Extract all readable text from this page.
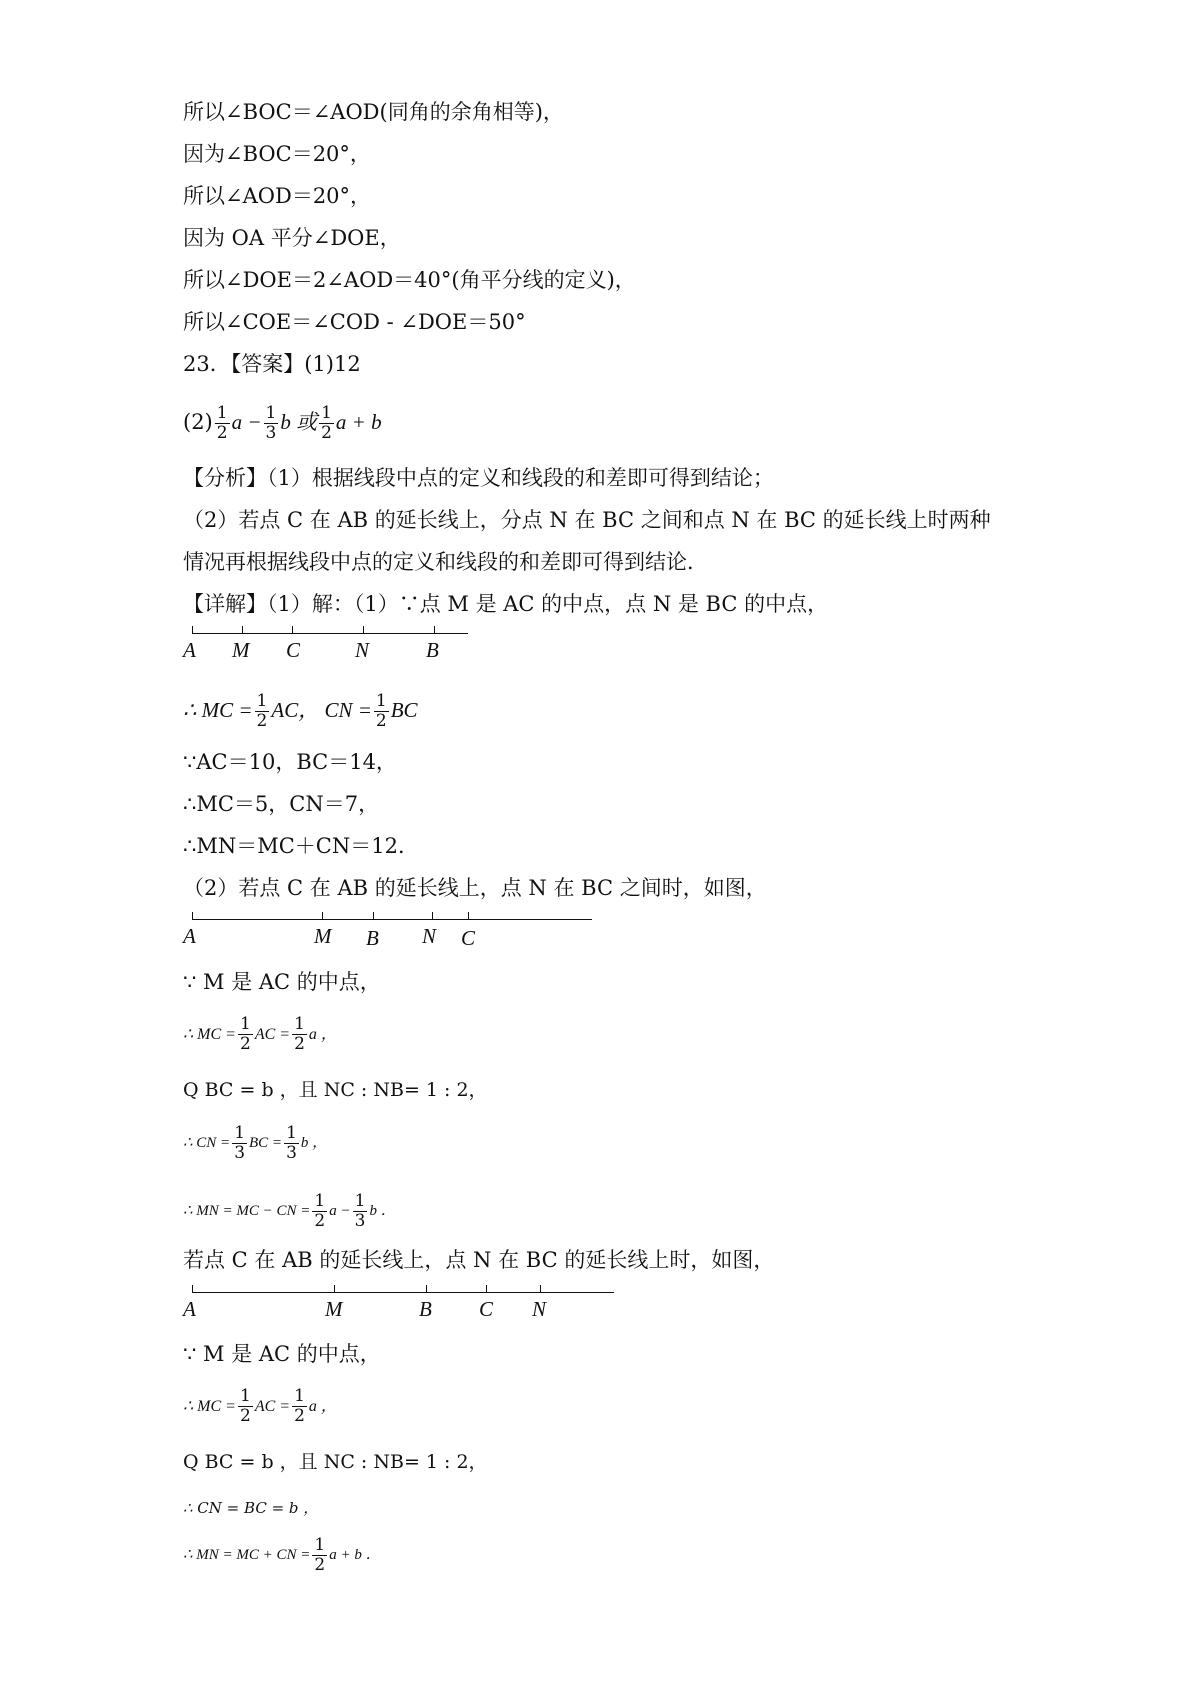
所以∠BOC＝∠AOD(同角的余角相等)，
因为∠BOC＝20°，
所以∠AOD＝20°，
因为 OA 平分∠DOE，
所以∠DOE＝2∠AOD＝40°(角平分线的定义)，
所以∠COE＝∠COD - ∠DOE＝50°
23．【答案】(1)12
$(2) \frac{1}{2}$ $a - \frac{1}{3}$ b 或 $\frac{1}{2}$ a + b
【分析】（1）根据线段中点的定义和线段的和差即可得到结论；
（2）若点 C 在 AB 的延长线上，分点 N 在 BC 之间和点 N 在 BC 的延长线上时两种
情况再根据线段中点的定义和线段的和差即可得到结论．
【详解】（1）解：（1）∵点 M 是 AC 的中点，点 N 是 BC 的中点，
A M C	N	B
∴ MC = $\frac{1}{2}$ AC， CN = $\frac{1}{2}$ BC
∵AC＝10，BC＝14，
∴MC＝5，CN＝7，
∴MN＝MC＋CN＝12．
（2）若点 C 在 AB 的延长线上，点 N 在 BC 之间时，如图，
A	M B N C
∵ M 是 AC 的中点，
∴ MC = $\frac{1}{2}$ AC = $\frac{1}{2}$ a ，
Q BC = b ，且 NC : NB= 1 : 2，
∴ CN = $\frac{1}{3}$ BC = $\frac{1}{3}$ b ，
∴ MN = MC − CN = $\frac{1}{2}$ $a - \frac{1}{3}$ b ．
若点 C 在 AB 的延长线上，点 N 在 BC 的延长线上时，如图，
A	M	B C N
∵ M 是 AC 的中点，
∴ MC = $\frac{1}{2}$ AC = $\frac{1}{2}$ a ，
Q BC = b ，且 NC : NB= 1 : 2，
∴ CN = BC = b ，
∴ MN = MC + CN = $\frac{1}{2}$ a + b ．
